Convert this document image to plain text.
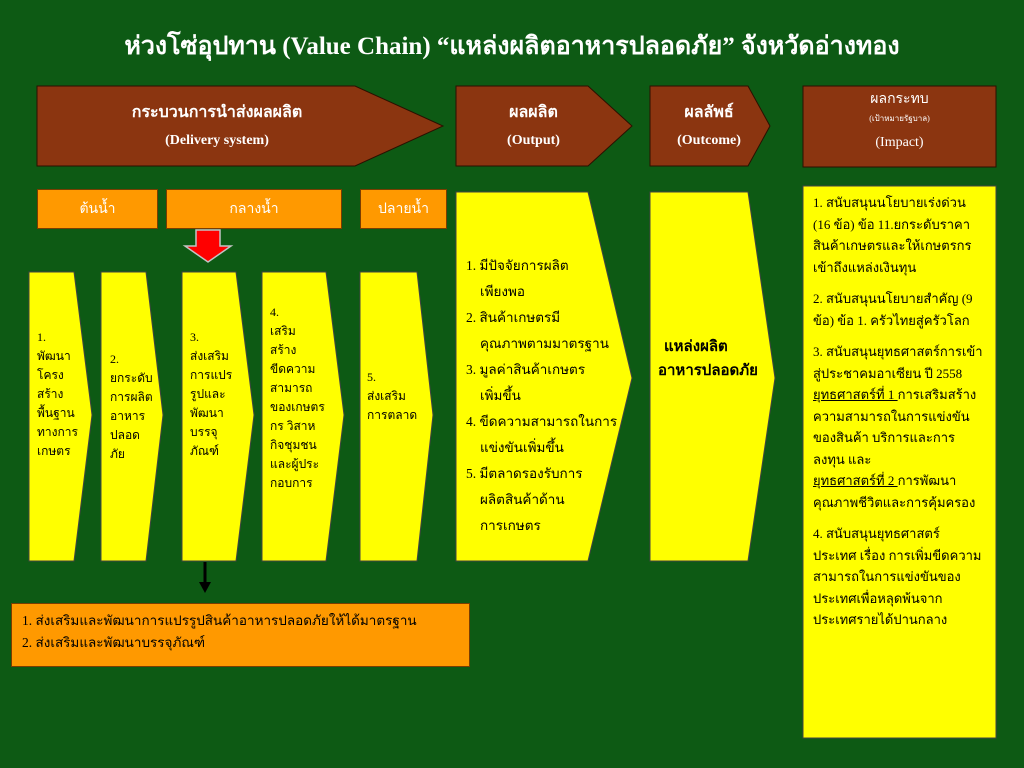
ห่วงโซ่อุปทาน (Value Chain) “แหล่งผลิตอาหารปลอดภัย” จังหวัดอ่างทอง
กระบวนการนำส่งผลผลิต
(Delivery system)
ผลผลิต
(Output)
ผลลัพธ์
(Outcome)
ผลกระทบ
(เป้าหมายรัฐบาล)
(Impact)
ต้นน้ำ	กลางน้ำ	ปลายน้ำ
1.
พัฒนา
โครง
สร้าง
พื้นฐาน
ทางการ
เกษตร
2.
ยกระดับ
การผลิต
อาหาร
ปลอด
ภัย
3.
ส่งเสริม
การแปร
รูปและ
พัฒนา
บรรจุ
ภัณฑ์
4.
เสริม
สร้าง
ขีดความ
สามารถ
ของเกษตร
กร วิสาห
กิจชุมชน
และผู้ประ
กอบการ
5.
ส่งเสริม
การตลาด
1. มีปัจจัยการผลิต
เพียงพอ
2. สินค้าเกษตรมี
คุณภาพตามมาตรฐาน
3. มูลค่าสินค้าเกษตร
เพิ่มขึ้น
4. ขีดความสามารถในการ
แข่งขันเพิ่มขึ้น
5. มีตลาดรองรับการ
ผลิตสินค้าด้าน
การเกษตร
แหล่งผลิต
อาหารปลอดภัย

1. สนับสนุนนโยบายเร่งด่วน (16 ข้อ) ข้อ 11.ยกระดับราคาสินค้าเกษตรและให้เกษตรกรเข้าถึงแหล่งเงินทุน

2. สนับสนุนนโยบายสำคัญ (9 ข้อ) ข้อ 1. ครัวไทยสู่ครัวโลก

3. สนับสนุนยุทธศาสตร์การเข้าสู่ประชาคมอาเซียน ปี 2558 ยุทธศาสตร์ที่ 1 การเสริมสร้างความสามารถในการแข่งขันของสินค้า บริการและการลงทุน และ
ยุทธศาสตร์ที่ 2 การพัฒนาคุณภาพชีวิตและการคุ้มครอง

4. สนับสนุนยุทธศาสตร์ประเทศ เรื่อง การเพิ่มขีดความสามารถในการแข่งขันของประเทศเพื่อหลุดพ้นจากประเทศรายได้ปานกลาง

1. ส่งเสริมและพัฒนาการแปรรูปสินค้าอาหารปลอดภัยให้ได้มาตรฐาน
2. ส่งเสริมและพัฒนาบรรจุภัณฑ์
